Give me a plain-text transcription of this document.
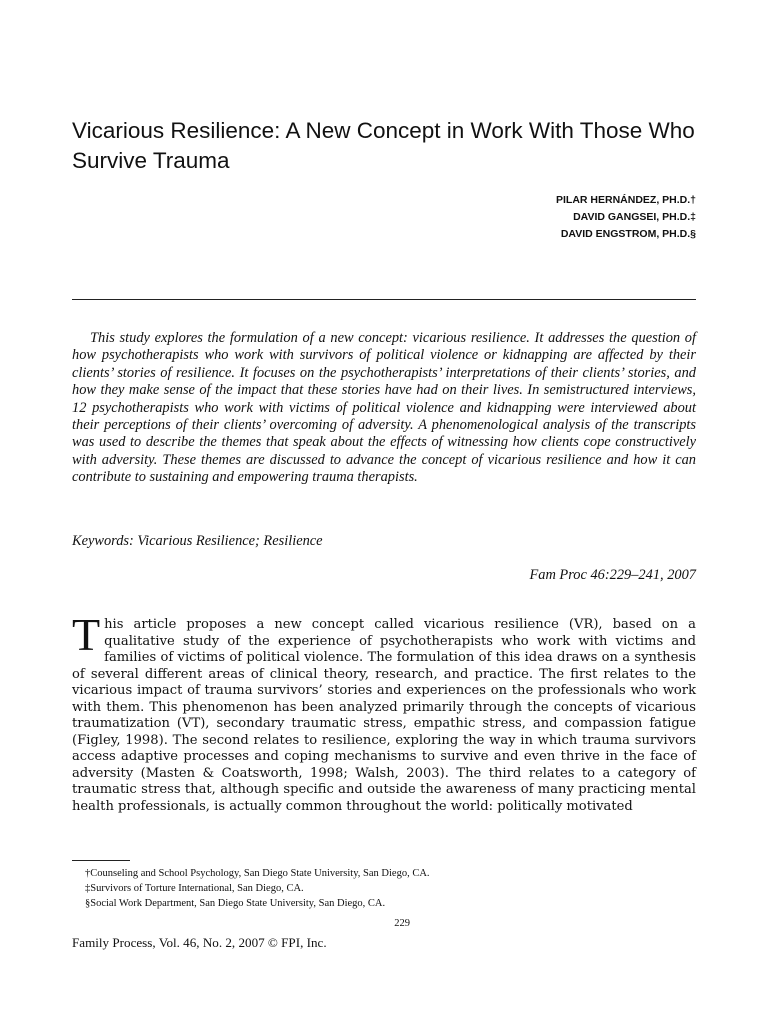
Vicarious Resilience: A New Concept in Work With Those Who Survive Trauma
PILAR HERNÁNDEZ, PH.D.†
DAVID GANGSEI, PH.D.‡
DAVID ENGSTROM, PH.D.§

This study explores the formulation of a new concept: vicarious resilience. It addresses the question of how psychotherapists who work with survivors of political violence or kidnapping are affected by their clients’ stories of resilience. It focuses on the psychotherapists’ interpretations of their clients’ stories, and how they make sense of the impact that these stories have had on their lives. In semistructured interviews, 12 psychotherapists who work with victims of political violence and kidnapping were interviewed about their perceptions of their clients’ overcoming of adversity. A phenomenological analysis of the transcripts was used to describe the themes that speak about the effects of witnessing how clients cope constructively with adversity. These themes are discussed to advance the concept of vicarious resilience and how it can contribute to sustaining and empowering trauma therapists.

Keywords: Vicarious Resilience; Resilience

Fam Proc 46:229–241, 2007

This article proposes a new concept called vicarious resilience (VR), based on a qualitative study of the experience of psychotherapists who work with victims and families of victims of political violence. The formulation of this idea draws on a synthesis of several different areas of clinical theory, research, and practice. The first relates to the vicarious impact of trauma survivors’ stories and experiences on the professionals who work with them. This phenomenon has been analyzed primarily through the concepts of vicarious traumatization (VT), secondary traumatic stress, empathic stress, and compassion fatigue (Figley, 1998). The second relates to resilience, exploring the way in which trauma survivors access adaptive processes and coping mechanisms to survive and even thrive in the face of adversity (Masten & Coatsworth, 1998; Walsh, 2003). The third relates to a category of traumatic stress that, although specific and outside the awareness of many practicing mental health professionals, is actually common throughout the world: politically motivated

†Counseling and School Psychology, San Diego State University, San Diego, CA.
‡Survivors of Torture International, San Diego, CA.
§Social Work Department, San Diego State University, San Diego, CA.
229
Family Process, Vol. 46, No. 2, 2007 © FPI, Inc.
